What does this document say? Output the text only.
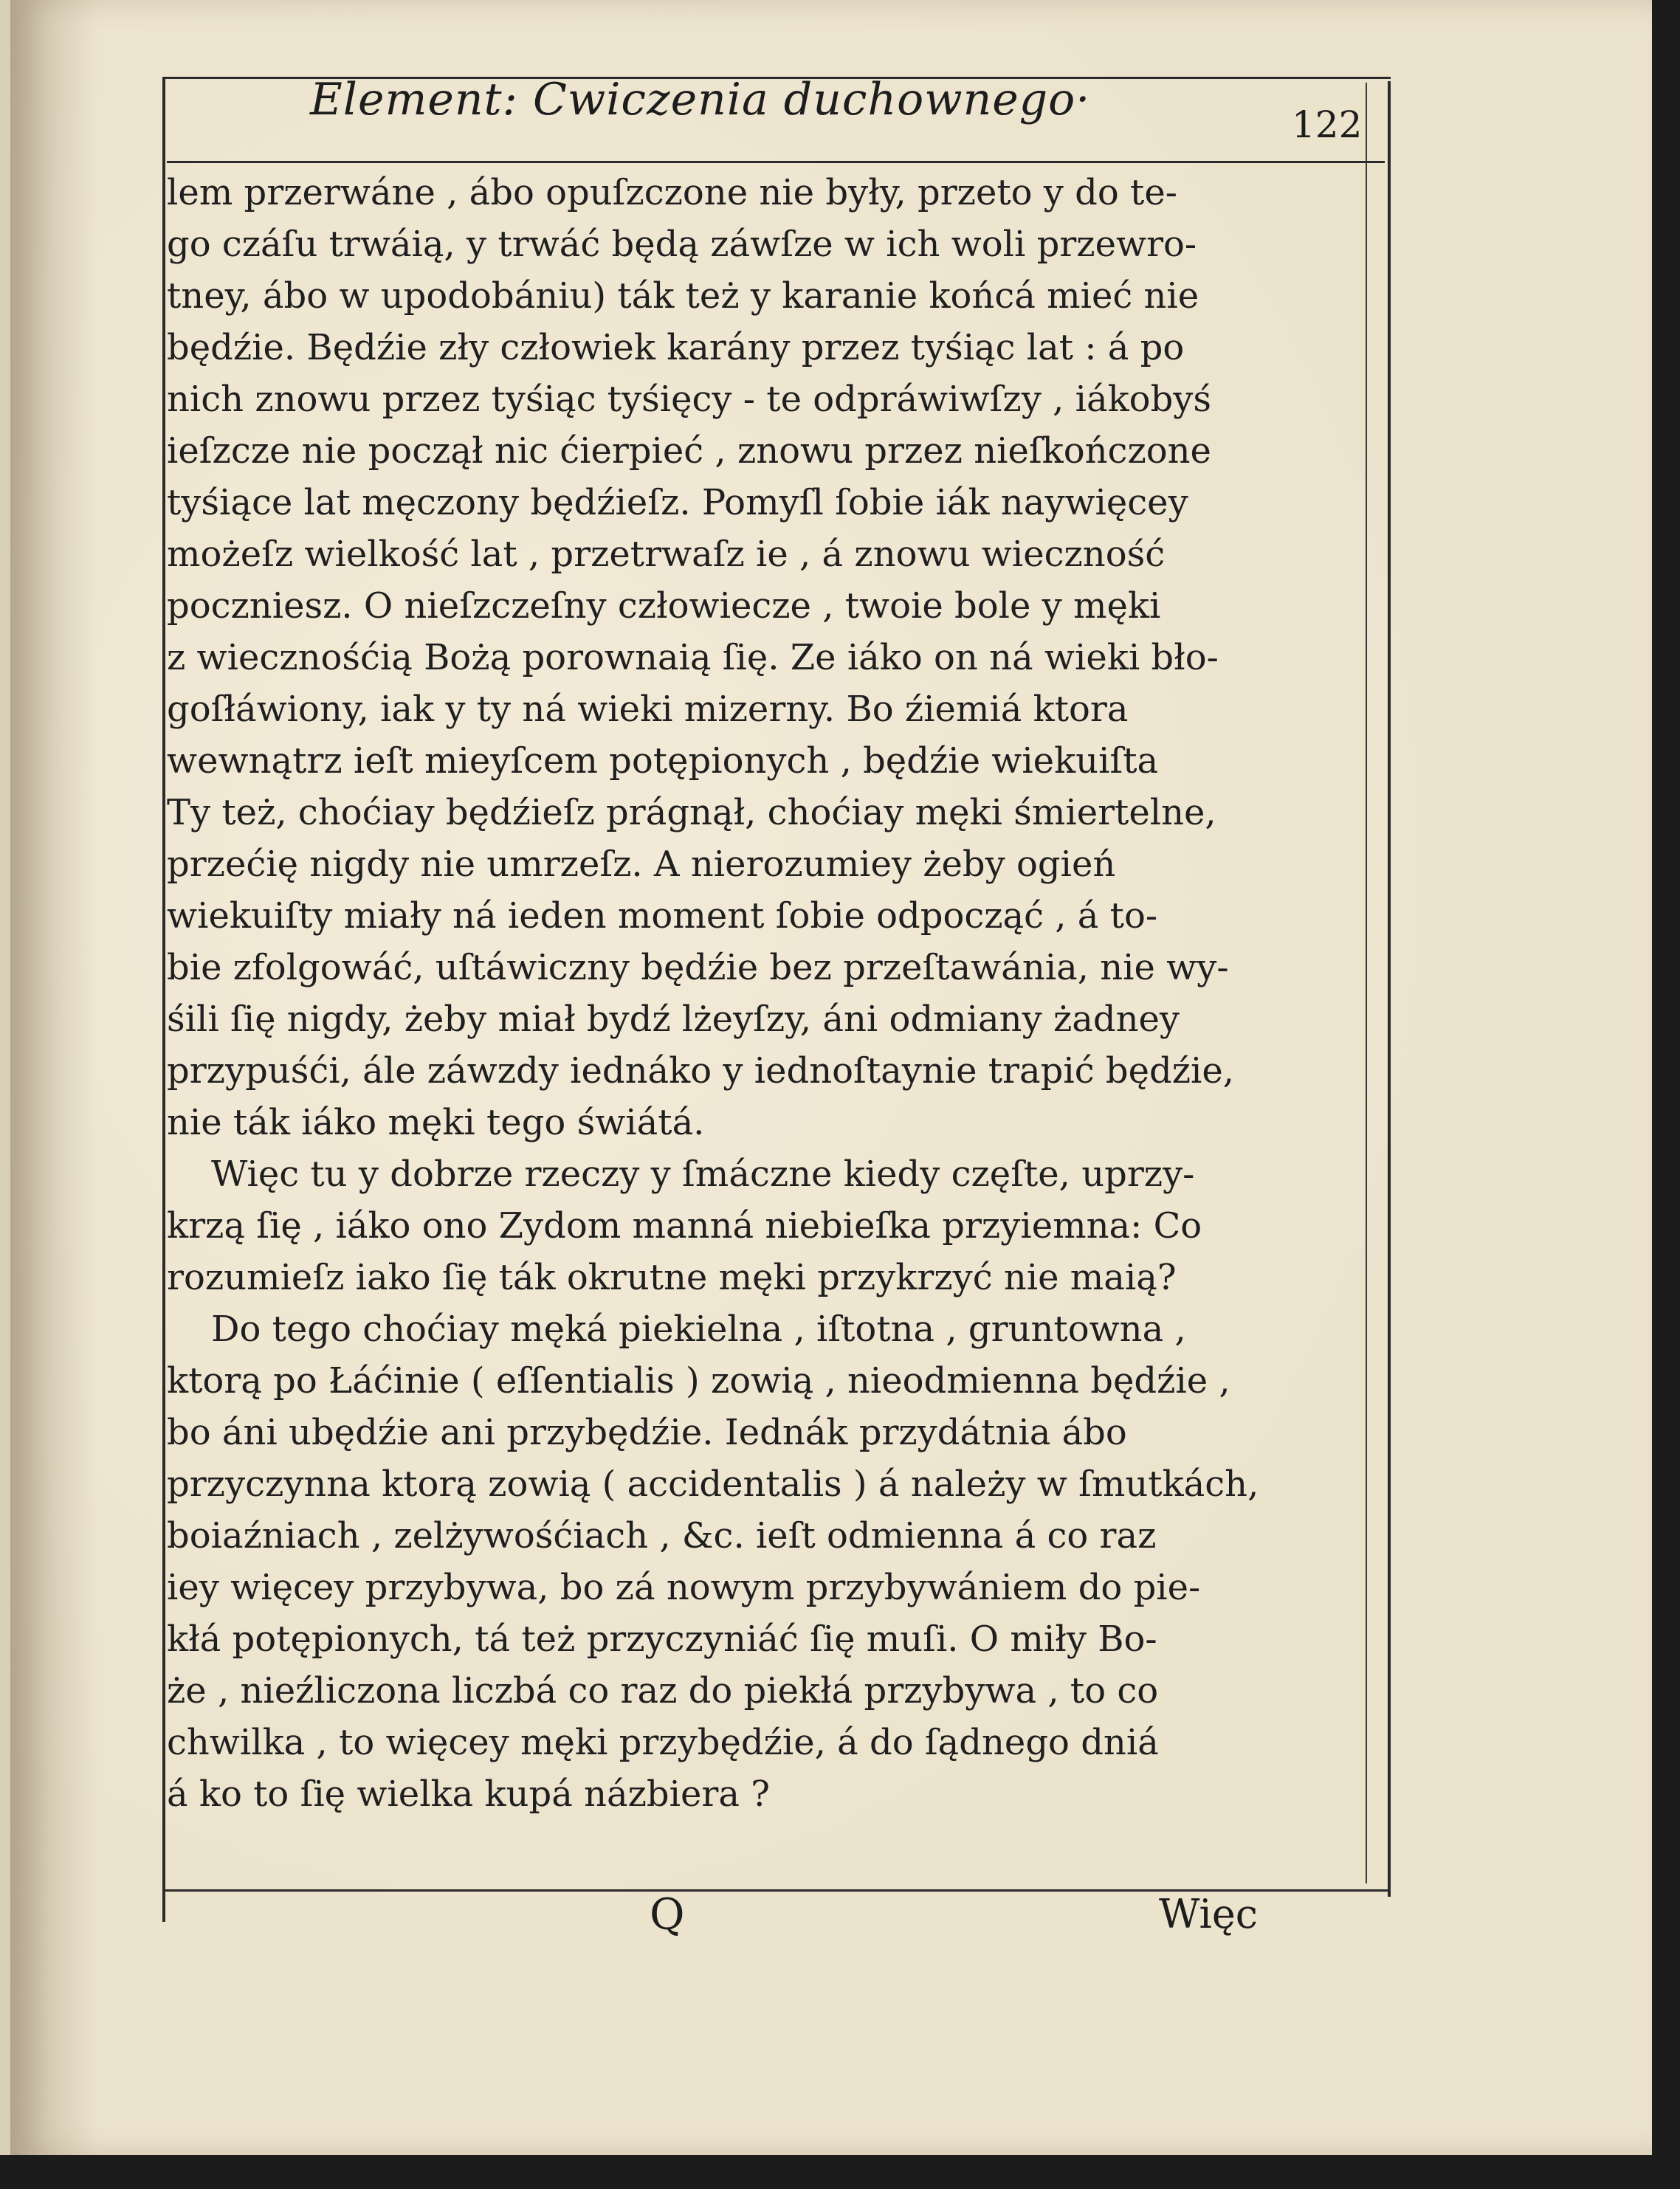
Element: Cwiczenia duchownego·	122
lem przerwáne , ábo opuſzczone nie były, przeto y do te-
go czáſu trwáią, y trwáć będą záwſze w ich woli przewro-
tney, ábo w upodobániu) ták też y karanie końcá mieć nie
będźie. Będźie zły człowiek karány przez tyśiąc lat : á po
nich znowu przez tyśiąc tyśięcy - te odpráwiwſzy , iákobyś
ieſzcze nie począł nic ćierpieć , znowu przez nieſkończone
tyśiące lat męczony będźieſz. Pomyſl ſobie iák naywięcey
możeſz wielkość lat , przetrwaſz ie , á znowu wieczność
poczniesz. O nieſzczeſny człowiecze , twoie bole y męki
z wiecznośćią Bożą porownaią ſię. Ze iáko on ná wieki bło-
goſłáwiony, iak y ty ná wieki mizerny. Bo źiemiá ktora
wewnątrz ieſt mieyſcem potępionych , będźie wiekuiſta
Ty też, choćiay będźieſz prágnął, choćiay męki śmiertelne,
przećię nigdy nie umrzeſz. A nierozumiey żeby ogień
wiekuiſty miały ná ieden moment ſobie odpocząć , á to-
bie zfolgowáć, uſtáwiczny będźie bez przeſtawánia, nie wy-
śili ſię nigdy, żeby miał bydź lżeyſzy, áni odmiany żadney
przypuśći, ále záwzdy iednáko y iednoſtaynie trapić będźie,
nie ták iáko męki tego świátá.
Więc tu y dobrze rzeczy y ſmáczne kiedy częſte, uprzy-
krzą ſię , iáko ono Zydom manná niebieſka przyiemna: Co
rozumieſz iako ſię ták okrutne męki przykrzyć nie maią?
Do tego choćiay męká piekielna , iſtotna , gruntowna ,
ktorą po Łáćinie ( eſſentialis ) zowią , nieodmienna będźie ,
bo áni ubędźie ani przybędźie. Iednák przydátnia ábo
przyczynna ktorą zowią ( accidentalis ) á należy w ſmutkách,
boiaźniach , zelżywośćiach , &c. ieſt odmienna á co raz
iey więcey przybywa, bo zá nowym przybywániem do pie-
kłá potępionych, tá też przyczyniáć ſię muſi. O miły Bo-
że , nieźliczona liczbá co raz do piekłá przybywa , to co
chwilka , to więcey męki przybędźie, á do ſądnego dniá
á ko to ſię wielka kupá názbiera ?
Q	Więc
